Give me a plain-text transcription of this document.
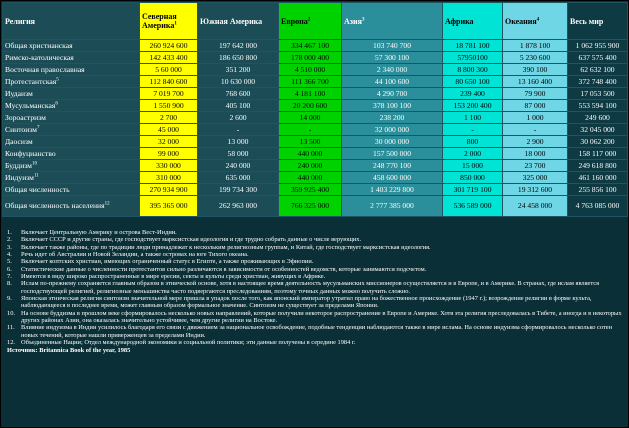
Религия	Северная Америка$^1$	Южная Америка	Европа$^2$	Азия$^3$	Африка	Океания$^4$	Весь мир
Общая христианская	260 924 600	197 642 000	334 467 100	103 740 700	18 781 100	1 878 100	1 062 955 900
Римско-католическая	142 433 400	186 650 800	178 000 400	57 300 100	57950100	5 230 600	637 575 400
Восточная православная	5 60 000	351 200	4 510 000	2 340 000	8 800 300	390 100	62 632 100
Протестантская$^5$	112 840 600	10 630 000	111 366 700	44 100 600	80 650 100	13 160 400	372 748 400
Иудаизм	7 019 700	768 600	4 181 100	4 290 700	239 400	79 900	17 053 500
Мусульманская$^6$	1 550 900	405 100	20 200 600	378 100 100	153 200 400	87 000	553 594 100
Зороастризм	2 700	2 600	14 000	238 200	1 100	1 000	249 600
Синтоизм$^7$	45 000	-	-	32 000 000	-	-	32 045 000
Даосизм	32 000	13 000	13 500	30 000 000	800	2 900	30 062 200
Конфуцианство	99 000	58 000	440 000	157 500 000	2 000	18 000	158 117 000
Буддизм$^{10}$	330 000	240 000	240 000	248 770 100	15 000	23 700	249 618 800
Индуизм$^{11}$	310 000	635 000	440 000	458 600 000	850 000	325 000	461 160 000
Общая численность	270 934 900	199 734 300	359 925 400	1 403 229 800	301 719 100	19 312 600	255 856 100
Общая численность населения$^{12}$	395 365 000	262 963 000	766 325 000	2 777 385 000	536 589 000	24 458 000	4 763 085 000
1. Включает Центральную Америку и острова Вест-Индии.
2. Включает СССР и другие страны, где господствует марксистская идеология и где трудно собрать данные о числе верующих.
3. Включает также районы, где по традиции люди принадлежат к нескольким религиозным группам, и Китай, где господствует марксистская идеология.
4. Речь идет об Австралии и Новой Зеландии, а также островах на юге Тихого океана.
5. Включает коптских христиан, имеющих ограниченный статус в Египте, а также проживающих в Эфиопии.
6. Статистические данные о численности протестантов сильно различаются в зависимости от особенностей ведомств, которые занимаются подсчетом.
7. Имеются в виду широко распространенные в мире ересии, секты и культы среди христиан, живущих в Африке.
8. Ислам по-прежнему сохраняется главным образом в этнической основе, хотя в настоящее время деятельность мусульманских миссионеров осуществляется и в Европе, и в Америке. В странах, где ислам является господствующей религией, религиозные меньшинства часто подвергаются преследованиям, поэтому точных данных можно получить сложно.
9. Японская этническая религия синтоизм значительной мере пришла в упадок после того, как японский император утратил право на божественное происхождение (1947 г.); возрождение религии в форме культа, наблюдающееся в последнее время, может главным образом формальное значение. Синтоизм не существует за пределами Японии.
10. На основе буддизма в прошлом веке сформировалось несколько новых направлений, которые получили некоторое распространение в Европе и Америке. Хотя эта религия преследовалась в Тибете, а иногда и в некоторых других районах Азии, она оказалась значительно устойчивее, чем другие религии на Востоке.
11. Влияние индуизма в Индии усилилось благодаря его связи с движением за национальное освобождение, подобные тенденции наблюдаются также в мире ислама. На основе индуизма сформировалось несколько сотен новых течений, которые нашли приверженцев за пределами Индии.
12. Объединенные Нации; Отдел международной экономики и социальной политики; эти данные получены в середине 1984 г.
Источник: Britannica Book of the year, 1985
